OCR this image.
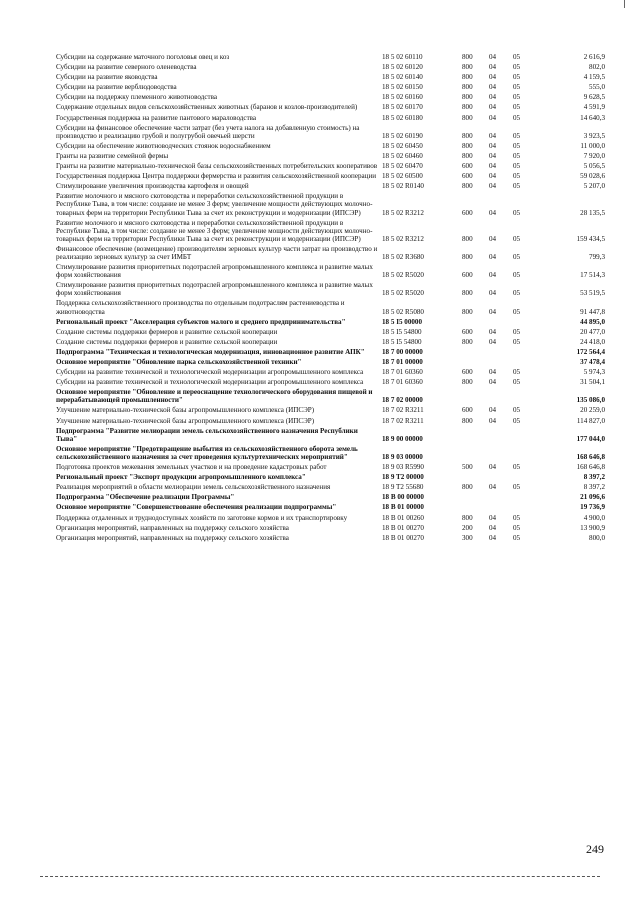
Субсидии на содержание маточного поголовья овец и коз	18 5 02 60110	800	04	05	2 616,9
Субсидии на развитие северного оленеводства	18 5 02 60120	800	04	05	802,0
Субсидии на развитие яководства	18 5 02 60140	800	04	05	4 159,5
Субсидии на развитие верблюдоводства	18 5 02 60150	800	04	05	555,0
Субсидии на поддержку племенного животноводства	18 5 02 60160	800	04	05	9 628,5
Содержание отдельных видов сельскохозяйственных животных (баранов и козлов-производителей)	18 5 02 60170	800	04	05	4 591,9
Государственная поддержка на развитие пантового мараловодства	18 5 02 60180	800	04	05	14 640,3
Субсидии на финансовое обеспечение части затрат (без учета налога на добавленную стоимость) на производство и реализацию грубой и полугрубой овечьей шерсти	18 5 02 60190	800	04	05	3 923,5
Субсидии на обеспечение животноводческих стоянок водоснабжением	18 5 02 60450	800	04	05	11 000,0
Гранты на развитие семейной фермы	18 5 02 60460	800	04	05	7 920,0
Гранты на развитие материально-технической базы сельскохозяйственных потребительских кооперативов	18 5 02 60470	600	04	05	5 056,5
Государственная поддержка Центра поддержки фермерства и развития сельскохозяйственной кооперации	18 5 02 60500	600	04	05	59 028,6
Стимулирование увеличения производства картофеля и овощей	18 5 02 R0140	800	04	05	5 207,0
Развитие молочного и мясного скотоводства и переработки сельскохозяйственной продукции в Республике Тыва, в том числе: создание не менее 3 ферм; увеличение мощности действующих молочно-товарных ферм на территории Республики Тыва за счет их реконструкции и модернизации (ИПСЭР)	18 5 02 R3212	600	04	05	28 135,5
Развитие молочного и мясного скотоводства и переработки сельскохозяйственной продукции в Республике Тыва, в том числе: создание не менее 3 ферм; увеличение мощности действующих молочно-товарных ферм на территории Республики Тыва за счет их реконструкции и модернизации (ИПСЭР)	18 5 02 R3212	800	04	05	159 434,5
Финансовое обеспечение (возмещение) производителям зерновых культур части затрат на производство и реализацию зерновых культур за счет ИМБТ	18 5 02 R3680	800	04	05	799,3
Стимулирование развития приоритетных подотраслей агропромышленного комплекса и развитие малых форм хозяйствования	18 5 02 R5020	600	04	05	17 514,3
Стимулирование развития приоритетных подотраслей агропромышленного комплекса и развитие малых форм хозяйствования	18 5 02 R5020	800	04	05	53 519,5
Поддержка сельскохозяйственного производства по отдельным подотраслям растениеводства и животноводства	18 5 02 R5080	800	04	05	91 447,8
Региональный проект "Акселерация субъектов малого и среднего предпринимательства"	18 5 I5 00000				44 895,0
Создание системы поддержки фермеров и развитие сельской кооперации	18 5 I5 54800	600	04	05	20 477,0
Создание системы поддержки фермеров и развитие сельской кооперации	18 5 I5 54800	800	04	05	24 418,0
Подпрограмма "Техническая и технологическая модернизация, инновационное развитие АПК"	18 7 00 00000				172 564,4
Основное мероприятие "Обновление парка сельскохозяйственной техники"	18 7 01 00000				37 478,4
Субсидии на развитие технической и технологической модернизации агропромышленного комплекса	18 7 01 60360	600	04	05	5 974,3
Субсидии на развитие технической и технологической модернизации агропромышленного комплекса	18 7 01 60360	800	04	05	31 504,1
Основное мероприятие "Обновление и переоснащение технологического оборудования пищевой и перерабатывающей промышленности"	18 7 02 00000				135 086,0
Улучшение материально-технической базы агропромышленного комплекса (ИПСЭР)	18 7 02 R3211	600	04	05	20 259,0
Улучшение материально-технической базы агропромышленного комплекса (ИПСЭР)	18 7 02 R3211	800	04	05	114 827,0
Подпрограмма "Развитие мелиорации земель сельскохозяйственного назначения Республики Тыва"	18 9 00 00000				177 044,0
Основное мероприятие "Предотвращение выбытия из сельскохозяйственного оборота земель сельскохозяйственного назначения за счет проведения культуртехнических мероприятий"	18 9 03 00000				168 646,8
Подготовка проектов межевания земельных участков и на проведение кадастровых работ	18 9 03 R5990	500	04	05	168 646,8
Региональный проект "Экспорт продукции агропромышленного комплекса"	18 9 T2 00000				8 397,2
Реализация мероприятий в области мелиорации земель сельскохозяйственного назначения	18 9 T2 55680	800	04	05	8 397,2
Подпрограмма "Обеспечение реализации Программы"	18 B 00 00000				21 096,6
Основное мероприятие "Совершенствование обеспечения реализации подпрограммы"	18 B 01 00000				19 736,9
Поддержка отдаленных и труднодоступных хозяйств по заготовке кормов и их транспортировку	18 B 01 00260	800	04	05	4 900,0
Организация мероприятий, направленных на поддержку сельского хозяйства	18 B 01 00270	200	04	05	13 900,9
Организация мероприятий, направленных на поддержку сельского хозяйства	18 B 01 00270	300	04	05	800,0
249
